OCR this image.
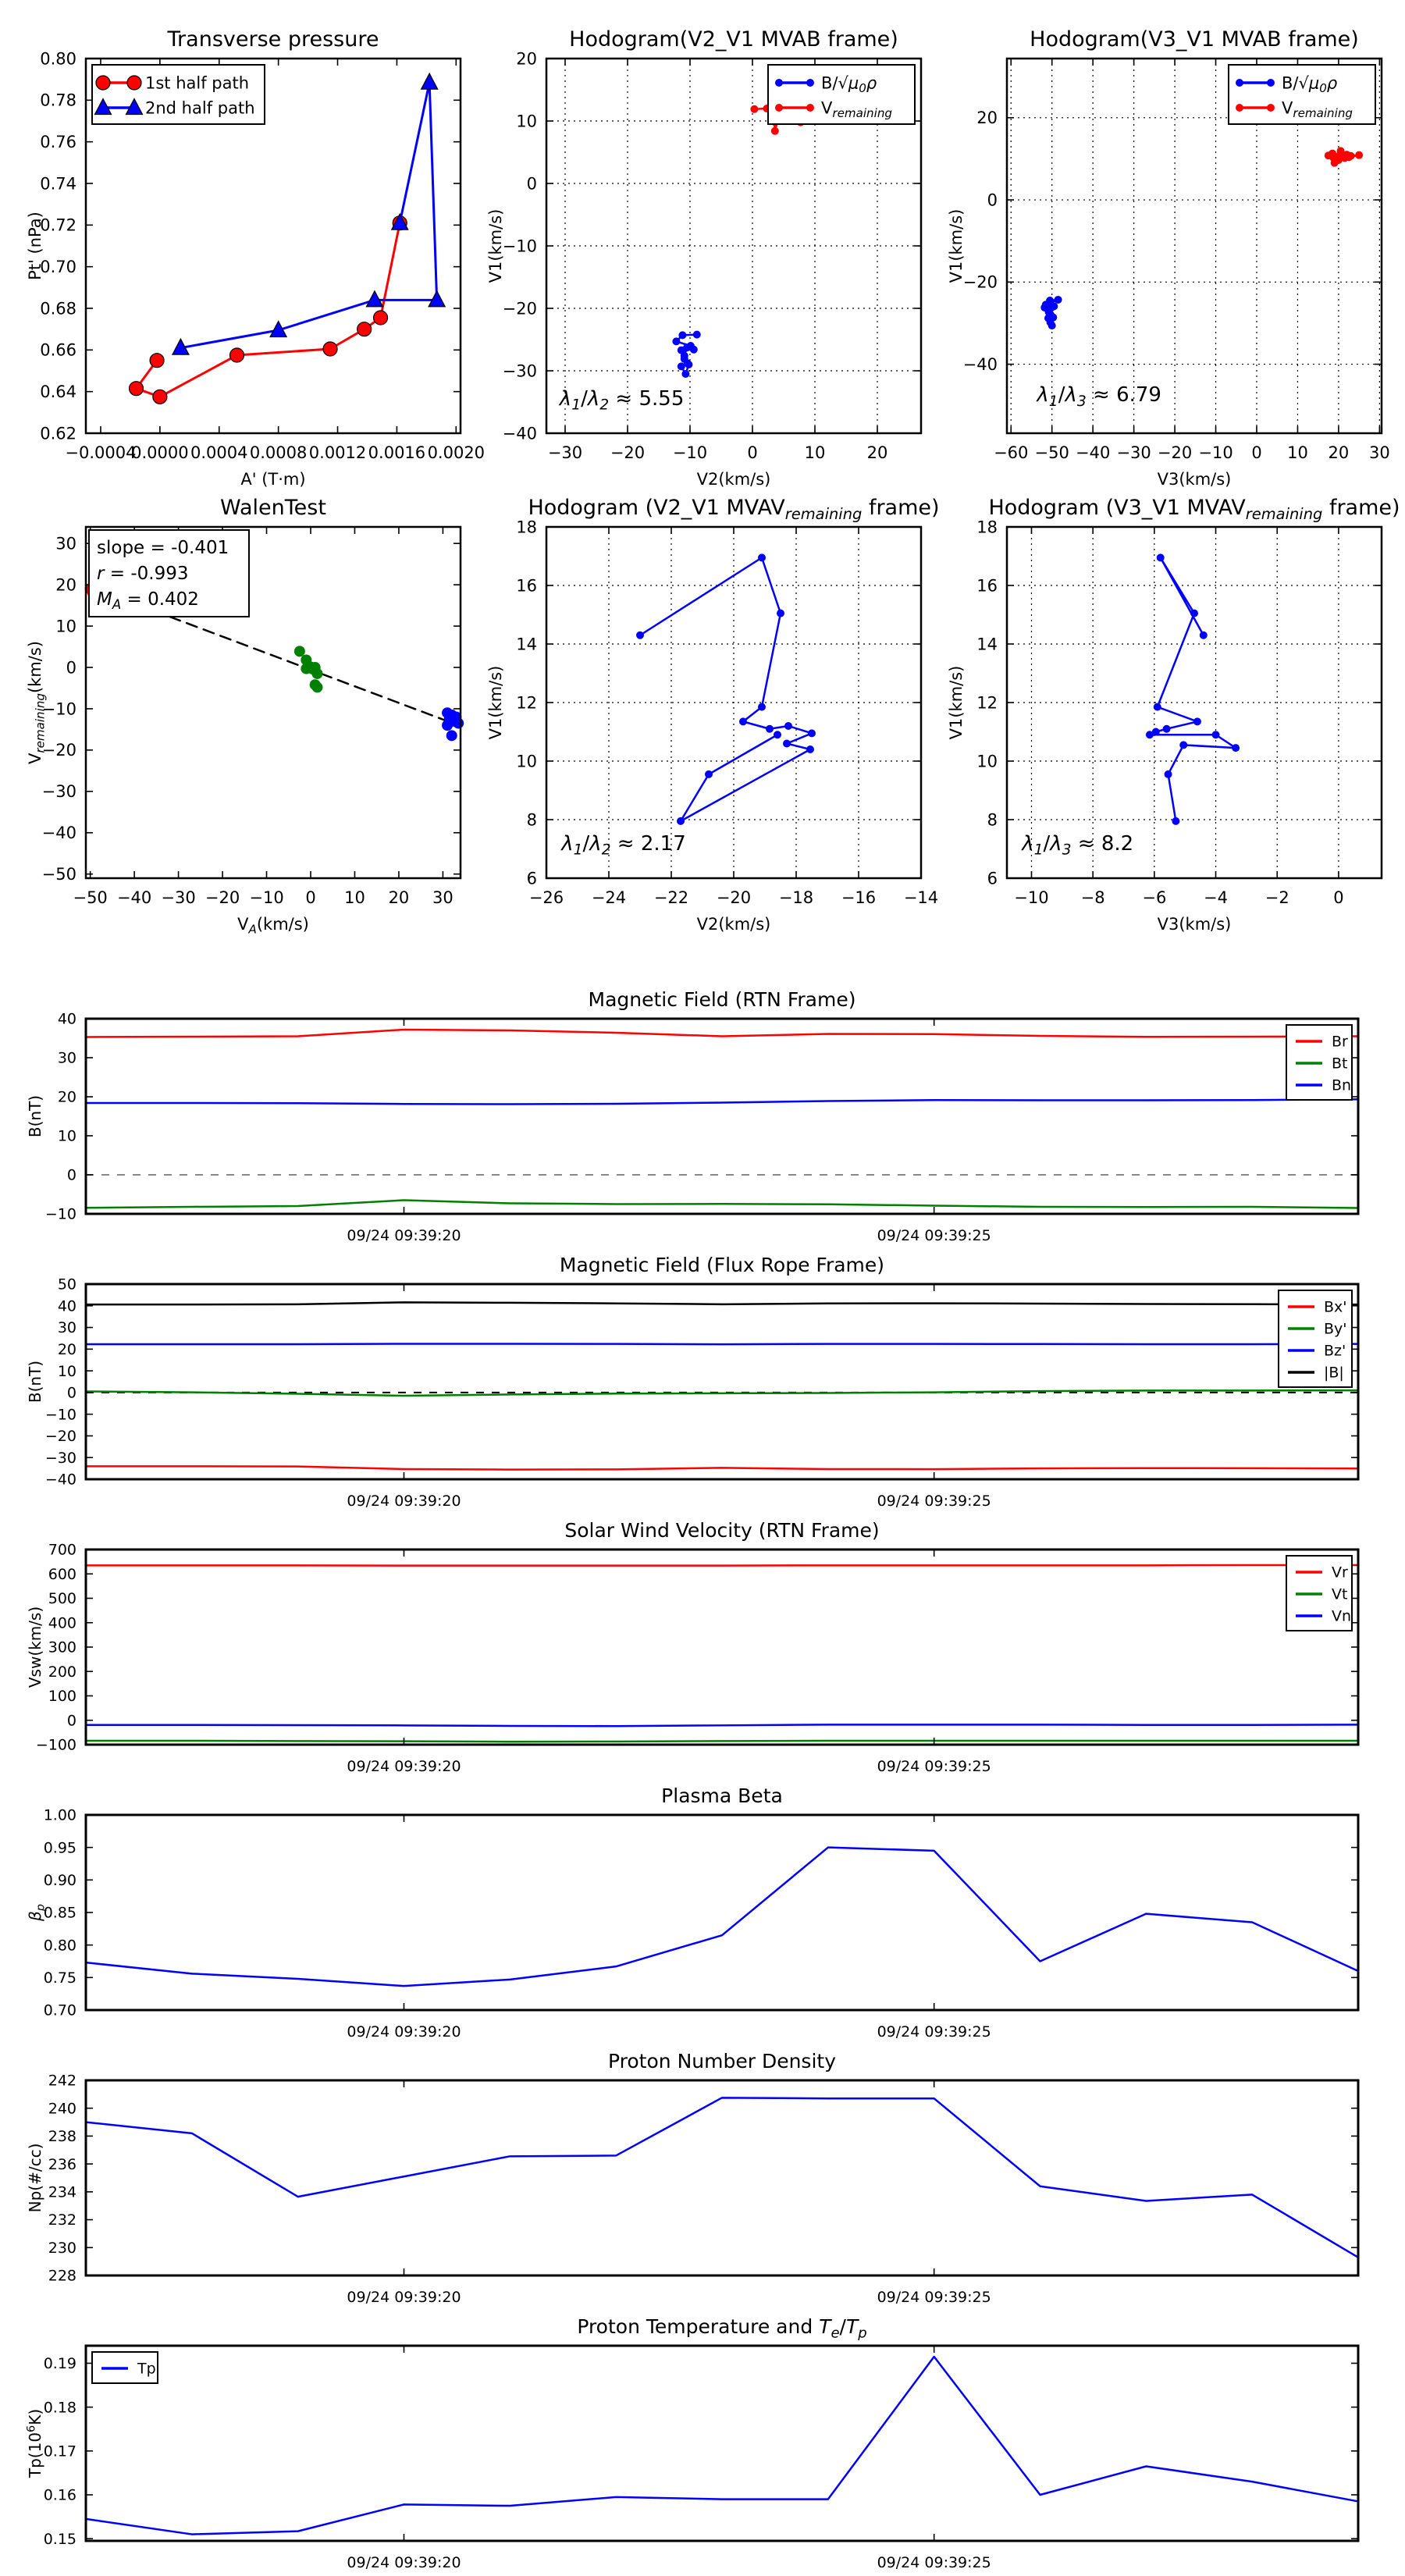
−0.0004
0.0000 0.0004 0.0008 0.0012 0.0016 0.0020
0.62
0.64
0.66
0.68
0.70
0.72
0.74
0.76
0.78
0.80
Transverse pressure
A' (T·m)
Pt' (nPa)
1st half path
2nd half path
−30 −20 −10 0	10	20
−40
−30
−20
−10
0
10
20
Hodogram(V2_V1 MVAB frame)
V2(km/s)
V1(km/s)
$\lambda_1/\lambda_2 \approx 5.55$
$B/√\mu_0\rho$
$V_{remaining}$
−60 −50 −40 −30 −20 −10 0 10 20 30
−40
−20
0
20
Hodogram(V3_V1 MVAB frame)
V3(km/s)
V1(km/s)
$\lambda_1/\lambda_3 \approx 6.79$
$B/√\mu_0\rho$
$V_{remaining}$
−50 −40 −30 −20 −10 0 10 20 30
−50
−40
−30
−20
−10
0
10
20
30
WalenTest
$V_A(km/s)$
$V_{remaining}(km/s)$
slope = -0.401
r = -0.993
$M_A = 0.402$
−26 −24 −22 −20 −18 −16 −14
6
8
10
12
14
16
18
Hodogram (V2_V1 $MVAV_{remaining}$ frame)
V2(km/s)
V1(km/s)
$\lambda_1/\lambda_2 \approx 2.17$
−10 −8 −6 −4 −2	0
6
8
10
12
14
16
18
Hodogram (V3_V1 $MVAV_{remaining}$ frame)
V3(km/s)
V1(km/s)
$\lambda_1/\lambda_3 \approx 8.2$
09/24 09:39:20	09/24 09:39:25
−10
0
10
20
30
40
Magnetic Field (RTN Frame)
B(nT)
Br
Bt
Bn
09/24 09:39:20	09/24 09:39:25
−40
−30
−20
−10
0
10
20
30
40
50
Magnetic Field (Flux Rope Frame)
B(nT)
Bx'
By'
Bz'
|B|
09/24 09:39:20	09/24 09:39:25
−100
0
100
200
300
400
500
600
700
Solar Wind Velocity (RTN Frame)
Vsw(km/s)
Vr
Vt
Vn
09/24 09:39:20	09/24 09:39:25
0.70
0.75
0.80
0.85
0.90
0.95
1.00
Plasma Beta
$\beta_p$
09/24 09:39:20	09/24 09:39:25
228
230
232
234
236
238
240
242
Proton Number Density
Np(#/cc)
09/24 09:39:20	09/24 09:39:25
0.15
0.16
0.17
0.18
0.19
Proton Temperature and $T_e/T_p$
$Tp(10^6K)$
Tp
